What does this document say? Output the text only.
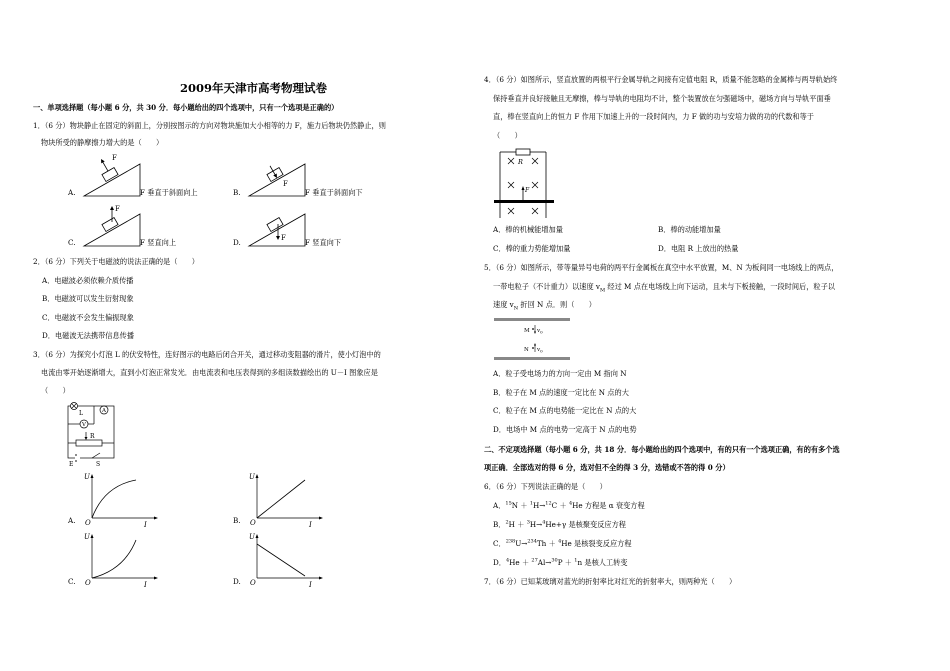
2009年天津市高考物理试卷
一、单项选择题（每小题 6 分，共 30 分．每小题给出的四个选项中，只有一个选项是正确的）
1．（6 分）物块静止在固定的斜面上，分别按图示的方向对物块施加大小相等的力 F，施力后物块仍然静止，则
物块所受的静摩擦力增大的是（　　）
A.
F
F 垂直于斜面向上	B.
F
F 垂直于斜面向下
C.
F
F 竖直向上	D.	F	F 竖直向下
2．（6 分）下列关于电磁波的说法正确的是（　　）
A．电磁波必须依赖介质传播
B．电磁波可以发生衍射现象
C．电磁波不会发生偏振现象
D．电磁波无法携带信息传播
3．（6 分）为探究小灯泡 L 的伏安特性，连好图示的电路后闭合开关，通过移动变阻器的滑片，使小灯泡中的
电流由零开始逐渐增大，直到小灯泡正常发光．由电流表和电压表得到的多组读数描绘出的 U－I 图象应是
（　　）
L	A
V
R
E	S
A.
U
O	I	B.
U
O	I
C.
U
O	I	D.
U
O	I
4．（6 分）如图所示，竖直放置的两根平行金属导轨之间接有定值电阻 R，质量不能忽略的金属棒与两导轨始终
保持垂直并良好接触且无摩擦，棒与导轨的电阻均不计，整个装置放在匀强磁场中，磁场方向与导轨平面垂
直，棒在竖直向上的恒力 F 作用下加速上升的一段时间内，力 F 做的功与安培力做的功的代数和等于
（　　）
R
F
A．棒的机械能增加量	B．棒的动能增加量
C．棒的重力势能增加量	D．电阻 R 上放出的热量
5．（6 分）如图所示，带等量异号电荷的两平行金属板在真空中水平放置，M、N 为板间同一电场线上的两点，
一带电粒子（不计重力）以速度 $v_M$ 经过 M 点在电场线上向下运动，且未与下板接触，一段时间后，粒子以
速度 $v_N$ 折回 N 点．则（　　）
M $v_0$
N $v_0$
A．粒子受电场力的方向一定由 M 指向 N
B．粒子在 M 点的速度一定比在 N 点的大
C．粒子在 M 点的电势能一定比在 N 点的大
D．电场中 M 点的电势一定高于 N 点的电势
二、不定项选择题（每小题 6 分，共 18 分．每小题给出的四个选项中，有的只有一个选项正确，有的有多个选
项正确．全部选对的得 6 分，选对但不全的得 3 分，选错或不答的得 0 分）
6．（6 分）下列说法正确的是（　　）
A．$^{15}$N ＋ $^1$H→$^{12}$C ＋ $^4$He 方程是 α 衰变方程
B．$^2$H ＋ $^3$H→$^4$He+γ 是核聚变反应方程
C．$^{238}$U→$^{234}$Th ＋ $^4$He 是核裂变反应方程
D．$^4$He ＋ $^{27}$Al→$^{30}$P ＋ $^1$n 是核人工转变
7．（6 分）已知某玻璃对蓝光的折射率比对红光的折射率大，则两种光（　　）
